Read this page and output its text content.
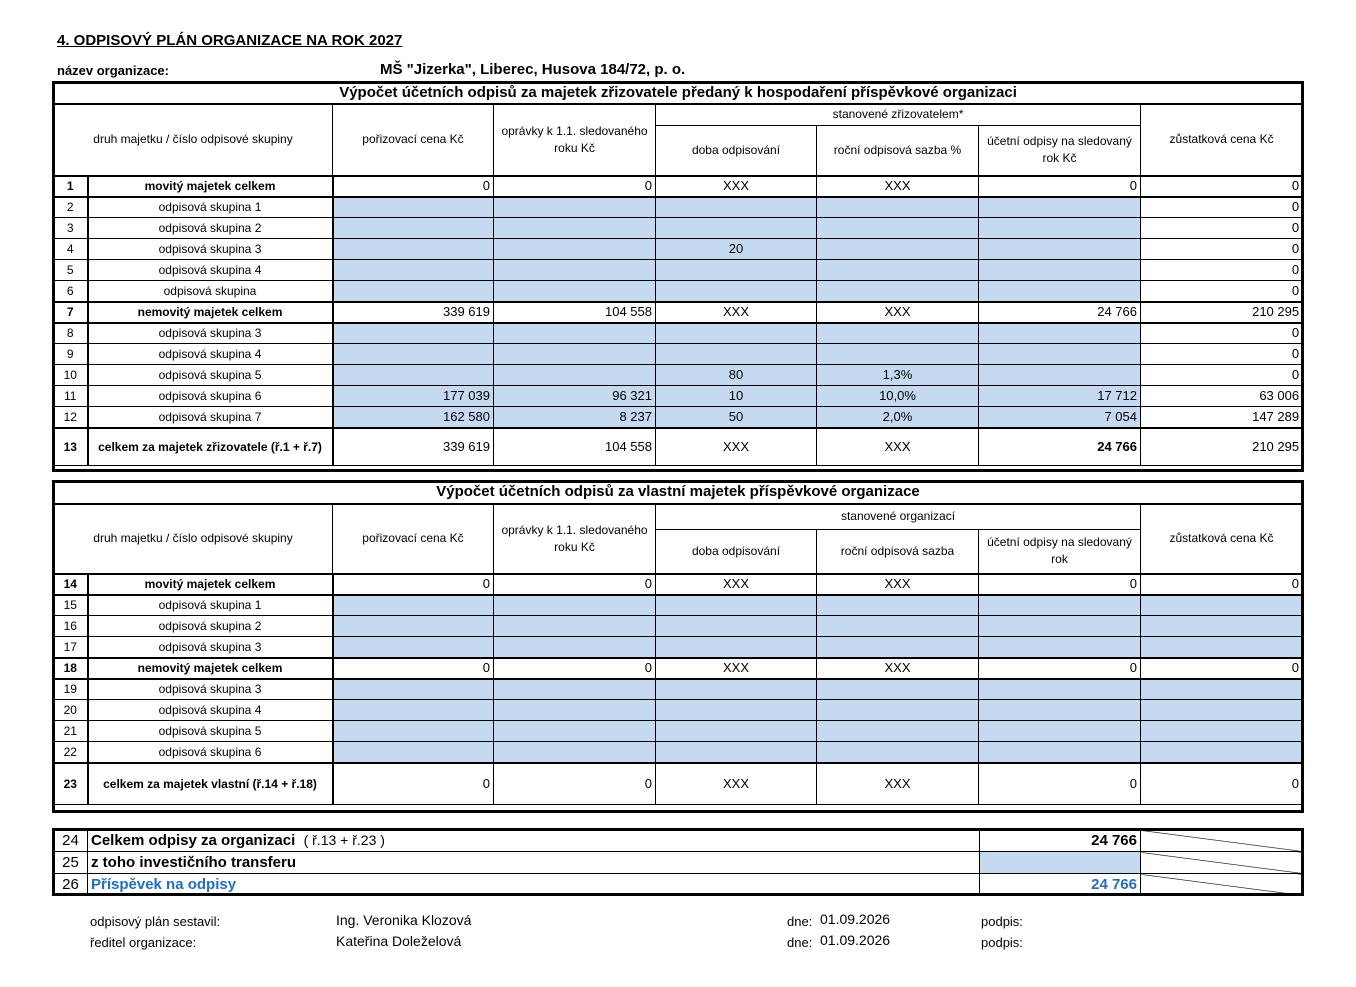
4. ODPISOVÝ PLÁN ORGANIZACE NA ROK 2027
název organizace:	MŠ "Jizerka", Liberec, Husova 184/72, p. o.
Výpočet účetních odpisů za majetek zřizovatele předaný k hospodaření příspěvkové organizaci							
druh majetku / číslo odpisové skupiny		pořizovací cena Kč	oprávky k 1.1. sledovaného roku Kč	stanovené zřizovatelem*			zůstatková cena Kč
				doba odpisování	roční odpisová sazba %	účetní odpisy na sledovaný rok Kč	
1	movitý majetek celkem	0	0	XXX	XXX	0	0
2	odpisová skupina 1						0
3	odpisová skupina 2						0
4	odpisová skupina 3			20			0
5	odpisová skupina 4						0
6	odpisová skupina						0
7	nemovitý majetek celkem	339 619	104 558	XXX	XXX	24 766	210 295
8	odpisová skupina 3						0
9	odpisová skupina 4						0
10	odpisová skupina 5			80	1,3%		0
11	odpisová skupina 6	177 039	96 321	10	10,0%	17 712	63 006
12	odpisová skupina 7	162 580	8 237	50	2,0%	7 054	147 289
13	celkem za majetek zřizovatele (ř.1 + ř.7)	339 619	104 558	XXX	XXX	24 766	210 295
Výpočet účetních odpisů za vlastní majetek příspěvkové organizace							
druh majetku / číslo odpisové skupiny		pořizovací cena Kč	oprávky k 1.1. sledovaného roku Kč	stanovené organizací			zůstatková cena Kč
				doba odpisování	roční odpisová sazba	účetní odpisy na sledovaný rok	
14	movitý majetek celkem	0	0	XXX	XXX	0	0
15	odpisová skupina 1						
16	odpisová skupina 2						
17	odpisová skupina 3						
18	nemovitý majetek celkem	0	0	XXX	XXX	0	0
19	odpisová skupina 3						
20	odpisová skupina 4						
21	odpisová skupina 5						
22	odpisová skupina 6						
23	celkem za majetek vlastní (ř.14 + ř.18)	0	0	XXX	XXX	0	0
24	Celkem odpisy za organizaci ( ř.13 + ř.23 )	24 766	
25	z toho investičního transferu		
26	Příspěvek na odpisy	24 766	
odpisový plán sestavil:	Ing. Veronika Klozová	dne: 01.09.2026	podpis:
ředitel organizace:	Kateřina Doleželová	dne: 01.09.2026	podpis:
